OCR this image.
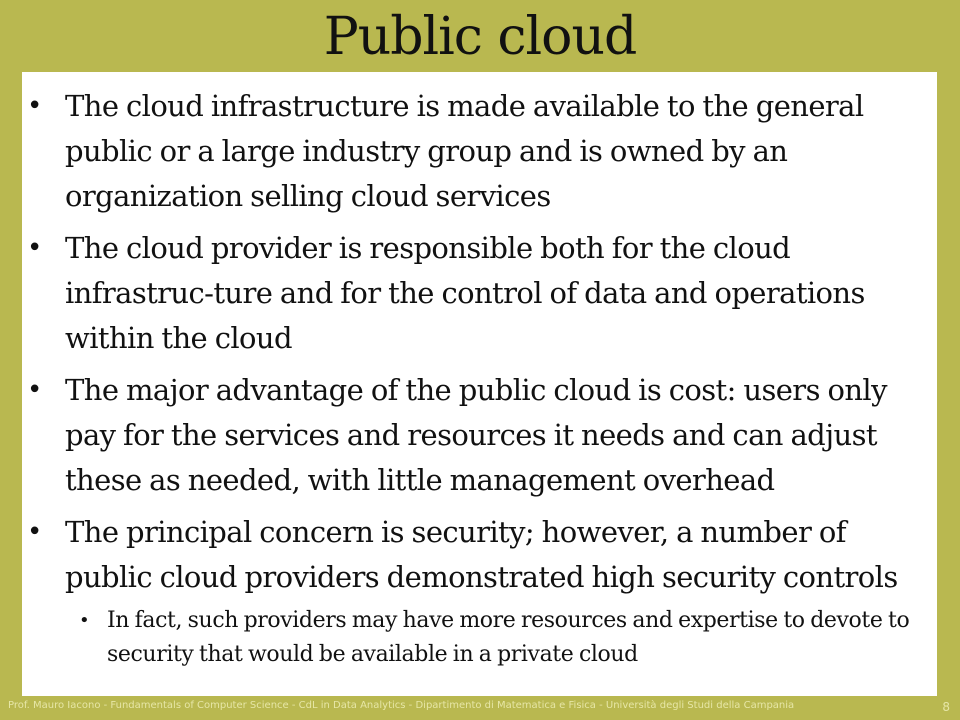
Public cloud
• The cloud infrastructure is made available to the general public or a large industry group and is owned by an organization selling cloud services
• The cloud provider is responsible both for the cloud infrastruc-ture and for the control of data and operations within the cloud
• The major advantage of the public cloud is cost: users only pay for the services and resources it needs and can adjust these as needed, with little management overhead
• The principal concern is security; however, a number of public cloud providers demonstrated high security controls
• In fact, such providers may have more resources and expertise to devote to security that would be available in a private cloud
Prof. Mauro Iacono - Fundamentals of Computer Science - CdL in Data Analytics - Dipartimento di Matematica e Fisica - Università degli Studi della Campania	8
